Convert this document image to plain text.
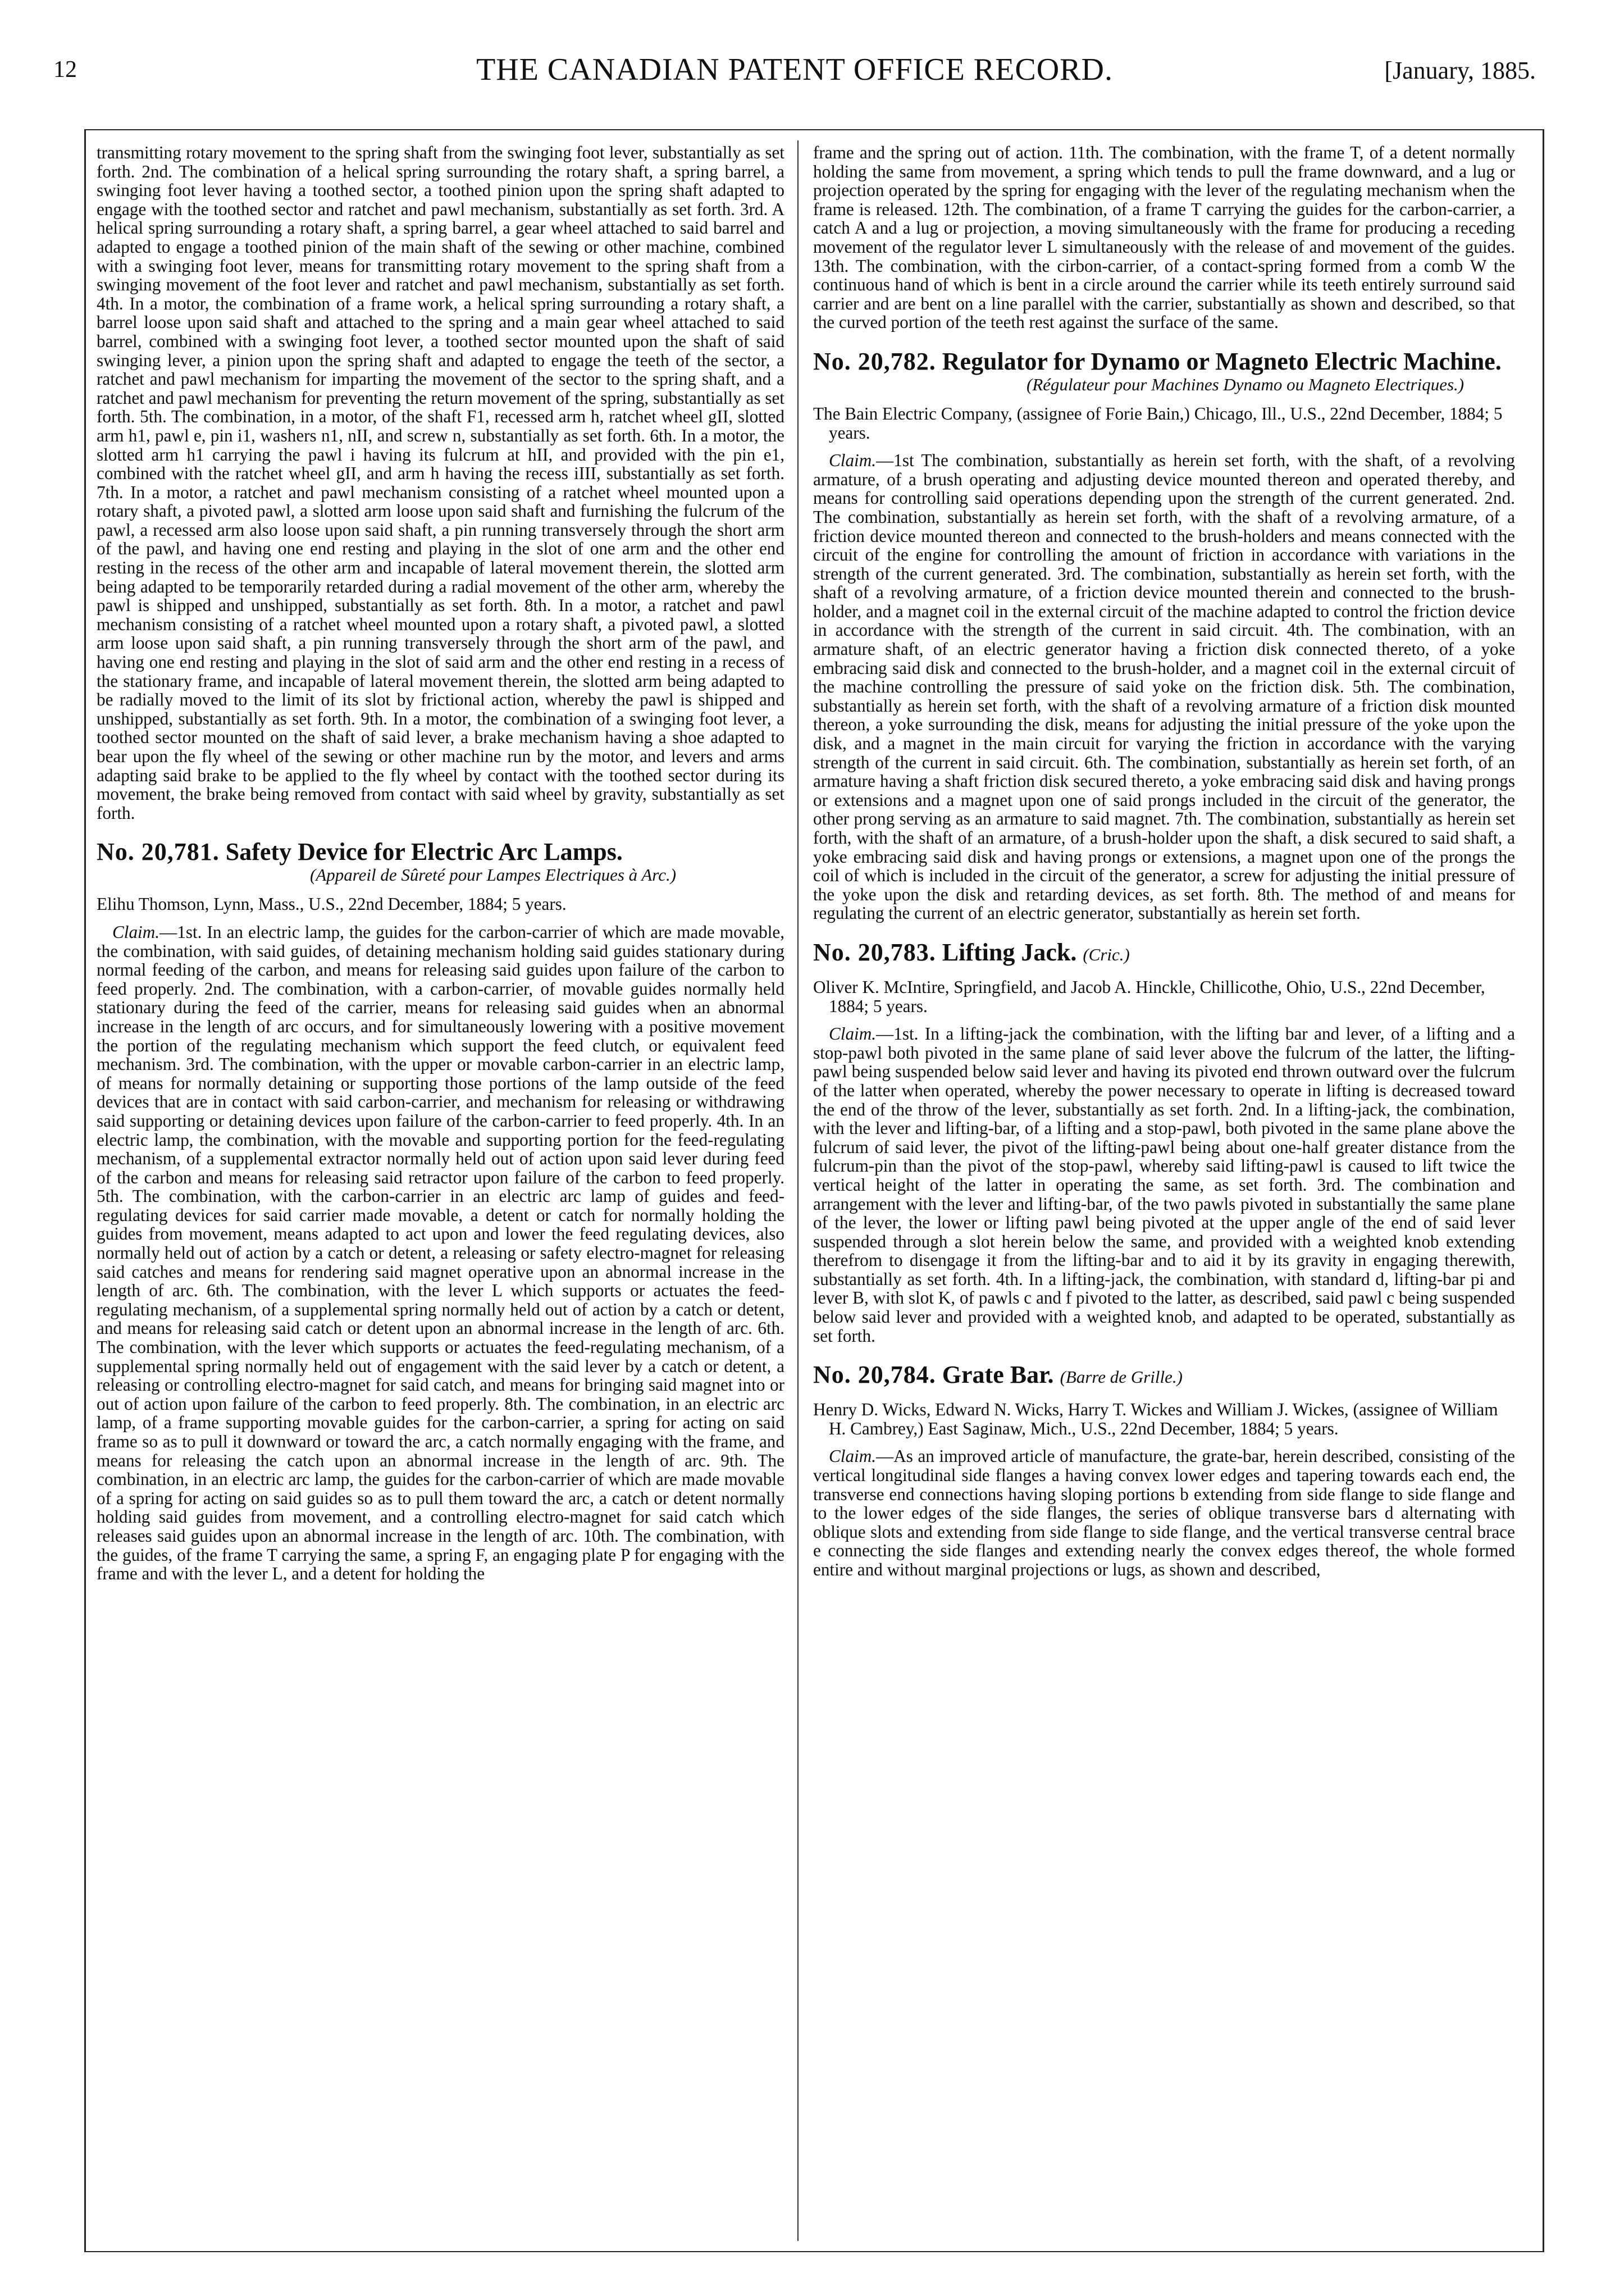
12	THE CANADIAN PATENT OFFICE RECORD.	[January, 1885.

transmitting rotary movement to the spring shaft from the swinging foot lever, substantially as set forth. 2nd. The combination of a helical spring surrounding the rotary shaft, a spring barrel, a swinging foot lever having a toothed sector, a toothed pinion upon the spring shaft adapted to engage with the toothed sector and ratchet and pawl mechanism, substantially as set forth. 3rd. A helical spring surrounding a rotary shaft, a spring barrel, a gear wheel attached to said barrel and adapted to engage a toothed pinion of the main shaft of the sewing or other machine, combined with a swinging foot lever, means for transmitting rotary movement to the spring shaft from a swinging movement of the foot lever and ratchet and pawl mechanism, substantially as set forth. 4th. In a motor, the combination of a frame work, a helical spring surrounding a rotary shaft, a barrel loose upon said shaft and attached to the spring and a main gear wheel attached to said barrel, combined with a swinging foot lever, a toothed sector mounted upon the shaft of said swinging lever, a pinion upon the spring shaft and adapted to engage the teeth of the sector, a ratchet and pawl mechanism for imparting the movement of the sector to the spring shaft, and a ratchet and pawl mechanism for preventing the return movement of the spring, substantially as set forth. 5th. The combination, in a motor, of the shaft F1, recessed arm h, ratchet wheel gII, slotted arm h1, pawl e, pin i1, washers n1, nII, and screw n, substantially as set forth. 6th. In a motor, the slotted arm h1 carrying the pawl i having its fulcrum at hII, and provided with the pin e1, combined with the ratchet wheel gII, and arm h having the recess iIII, substantially as set forth. 7th. In a motor, a ratchet and pawl mechanism consisting of a ratchet wheel mounted upon a rotary shaft, a pivoted pawl, a slotted arm loose upon said shaft and furnishing the fulcrum of the pawl, a recessed arm also loose upon said shaft, a pin running transversely through the short arm of the pawl, and having one end resting and playing in the slot of one arm and the other end resting in the recess of the other arm and incapable of lateral movement therein, the slotted arm being adapted to be temporarily retarded during a radial movement of the other arm, whereby the pawl is shipped and unshipped, substantially as set forth. 8th. In a motor, a ratchet and pawl mechanism consisting of a ratchet wheel mounted upon a rotary shaft, a pivoted pawl, a slotted arm loose upon said shaft, a pin running transversely through the short arm of the pawl, and having one end resting and playing in the slot of said arm and the other end resting in a recess of the stationary frame, and incapable of lateral movement therein, the slotted arm being adapted to be radially moved to the limit of its slot by frictional action, whereby the pawl is shipped and unshipped, substantially as set forth. 9th. In a motor, the combination of a swinging foot lever, a toothed sector mounted on the shaft of said lever, a brake mechanism having a shoe adapted to bear upon the fly wheel of the sewing or other machine run by the motor, and levers and arms adapting said brake to be applied to the fly wheel by contact with the toothed sector during its movement, the brake being removed from contact with said wheel by gravity, substantially as set forth.

No. 20,781. Safety Device for Electric Arc Lamps.
(Appareil de Sûreté pour Lampes Electriques à Arc.)

Elihu Thomson, Lynn, Mass., U.S., 22nd December, 1884; 5 years.

Claim.—1st. In an electric lamp, the guides for the carbon-carrier of which are made movable, the combination, with said guides, of detaining mechanism holding said guides stationary during normal feeding of the carbon, and means for releasing said guides upon failure of the carbon to feed properly. 2nd. The combination, with a carbon-carrier, of movable guides normally held stationary during the feed of the carrier, means for releasing said guides when an abnormal increase in the length of arc occurs, and for simultaneously lowering with a positive movement the portion of the regulating mechanism which support the feed clutch, or equivalent feed mechanism. 3rd. The combination, with the upper or movable carbon-carrier in an electric lamp, of means for normally detaining or supporting those portions of the lamp outside of the feed devices that are in contact with said carbon-carrier, and mechanism for releasing or withdrawing said supporting or detaining devices upon failure of the carbon-carrier to feed properly. 4th. In an electric lamp, the combination, with the movable and supporting portion for the feed-regulating mechanism, of a supplemental extractor normally held out of action upon said lever during feed of the carbon and means for releasing said retractor upon failure of the carbon to feed properly. 5th. The combination, with the carbon-carrier in an electric arc lamp of guides and feed-regulating devices for said carrier made movable, a detent or catch for normally holding the guides from movement, means adapted to act upon and lower the feed regulating devices, also normally held out of action by a catch or detent, a releasing or safety electro-magnet for releasing said catches and means for rendering said magnet operative upon an abnormal increase in the length of arc. 6th. The combination, with the lever L which supports or actuates the feed-regulating mechanism, of a supplemental spring normally held out of action by a catch or detent, and means for releasing said catch or detent upon an abnormal increase in the length of arc. 6th. The combination, with the lever which supports or actuates the feed-regulating mechanism, of a supplemental spring normally held out of engagement with the said lever by a catch or detent, a releasing or controlling electro-magnet for said catch, and means for bringing said magnet into or out of action upon failure of the carbon to feed properly. 8th. The combination, in an electric arc lamp, of a frame supporting movable guides for the carbon-carrier, a spring for acting on said frame so as to pull it downward or toward the arc, a catch normally engaging with the frame, and means for releasing the catch upon an abnormal increase in the length of arc. 9th. The combination, in an electric arc lamp, the guides for the carbon-carrier of which are made movable of a spring for acting on said guides so as to pull them toward the arc, a catch or detent normally holding said guides from movement, and a controlling electro-magnet for said catch which releases said guides upon an abnormal increase in the length of arc. 10th. The combination, with the guides, of the frame T carrying the same, a spring F, an engaging plate P for engaging with the frame and with the lever L, and a detent for holding the

frame and the spring out of action. 11th. The combination, with the frame T, of a detent normally holding the same from movement, a spring which tends to pull the frame downward, and a lug or projection operated by the spring for engaging with the lever of the regulating mechanism when the frame is released. 12th. The combination, of a frame T carrying the guides for the carbon-carrier, a catch A and a lug or projection, a moving simultaneously with the frame for producing a receding movement of the regulator lever L simultaneously with the release of and movement of the guides. 13th. The combination, with the cirbon-carrier, of a contact-spring formed from a comb W the continuous hand of which is bent in a circle around the carrier while its teeth entirely surround said carrier and are bent on a line parallel with the carrier, substantially as shown and described, so that the curved portion of the teeth rest against the surface of the same.

No. 20,782. Regulator for Dynamo or Magneto Electric Machine.
(Régulateur pour Machines Dynamo ou Magneto Electriques.)

The Bain Electric Company, (assignee of Forie Bain,) Chicago, Ill., U.S., 22nd December, 1884; 5 years.

Claim.—1st The combination, substantially as herein set forth, with the shaft, of a revolving armature, of a brush operating and adjusting device mounted thereon and operated thereby, and means for controlling said operations depending upon the strength of the current generated. 2nd. The combination, substantially as herein set forth, with the shaft of a revolving armature, of a friction device mounted thereon and connected to the brush-holders and means connected with the circuit of the engine for controlling the amount of friction in accordance with variations in the strength of the current generated. 3rd. The combination, substantially as herein set forth, with the shaft of a revolving armature, of a friction device mounted therein and connected to the brush-holder, and a magnet coil in the external circuit of the machine adapted to control the friction device in accordance with the strength of the current in said circuit. 4th. The combination, with an armature shaft, of an electric generator having a friction disk connected thereto, of a yoke embracing said disk and connected to the brush-holder, and a magnet coil in the external circuit of the machine controlling the pressure of said yoke on the friction disk. 5th. The combination, substantially as herein set forth, with the shaft of a revolving armature of a friction disk mounted thereon, a yoke surrounding the disk, means for adjusting the initial pressure of the yoke upon the disk, and a magnet in the main circuit for varying the friction in accordance with the varying strength of the current in said circuit. 6th. The combination, substantially as herein set forth, of an armature having a shaft friction disk secured thereto, a yoke embracing said disk and having prongs or extensions and a magnet upon one of said prongs included in the circuit of the generator, the other prong serving as an armature to said magnet. 7th. The combination, substantially as herein set forth, with the shaft of an armature, of a brush-holder upon the shaft, a disk secured to said shaft, a yoke embracing said disk and having prongs or extensions, a magnet upon one of the prongs the coil of which is included in the circuit of the generator, a screw for adjusting the initial pressure of the yoke upon the disk and retarding devices, as set forth. 8th. The method of and means for regulating the current of an electric generator, substantially as herein set forth.

No. 20,783. Lifting Jack. (Cric.)

Oliver K. McIntire, Springfield, and Jacob A. Hinckle, Chillicothe, Ohio, U.S., 22nd December, 1884; 5 years.

Claim.—1st. In a lifting-jack the combination, with the lifting bar and lever, of a lifting and a stop-pawl both pivoted in the same plane of said lever above the fulcrum of the latter, the lifting-pawl being suspended below said lever and having its pivoted end thrown outward over the fulcrum of the latter when operated, whereby the power necessary to operate in lifting is decreased toward the end of the throw of the lever, substantially as set forth. 2nd. In a lifting-jack, the combination, with the lever and lifting-bar, of a lifting and a stop-pawl, both pivoted in the same plane above the fulcrum of said lever, the pivot of the lifting-pawl being about one-half greater distance from the fulcrum-pin than the pivot of the stop-pawl, whereby said lifting-pawl is caused to lift twice the vertical height of the latter in operating the same, as set forth. 3rd. The combination and arrangement with the lever and lifting-bar, of the two pawls pivoted in substantially the same plane of the lever, the lower or lifting pawl being pivoted at the upper angle of the end of said lever suspended through a slot herein below the same, and provided with a weighted knob extending therefrom to disengage it from the lifting-bar and to aid it by its gravity in engaging therewith, substantially as set forth. 4th. In a lifting-jack, the combination, with standard d, lifting-bar pi and lever B, with slot K, of pawls c and f pivoted to the latter, as described, said pawl c being suspended below said lever and provided with a weighted knob, and adapted to be operated, substantially as set forth.

No. 20,784. Grate Bar. (Barre de Grille.)

Henry D. Wicks, Edward N. Wicks, Harry T. Wickes and William J. Wickes, (assignee of William H. Cambrey,) East Saginaw, Mich., U.S., 22nd December, 1884; 5 years.

Claim.—As an improved article of manufacture, the grate-bar, herein described, consisting of the vertical longitudinal side flanges a having convex lower edges and tapering towards each end, the transverse end connections having sloping portions b extending from side flange to side flange and to the lower edges of the side flanges, the series of oblique transverse bars d alternating with oblique slots and extending from side flange to side flange, and the vertical transverse central brace e connecting the side flanges and extending nearly the convex edges thereof, the whole formed entire and without marginal projections or lugs, as shown and described,
